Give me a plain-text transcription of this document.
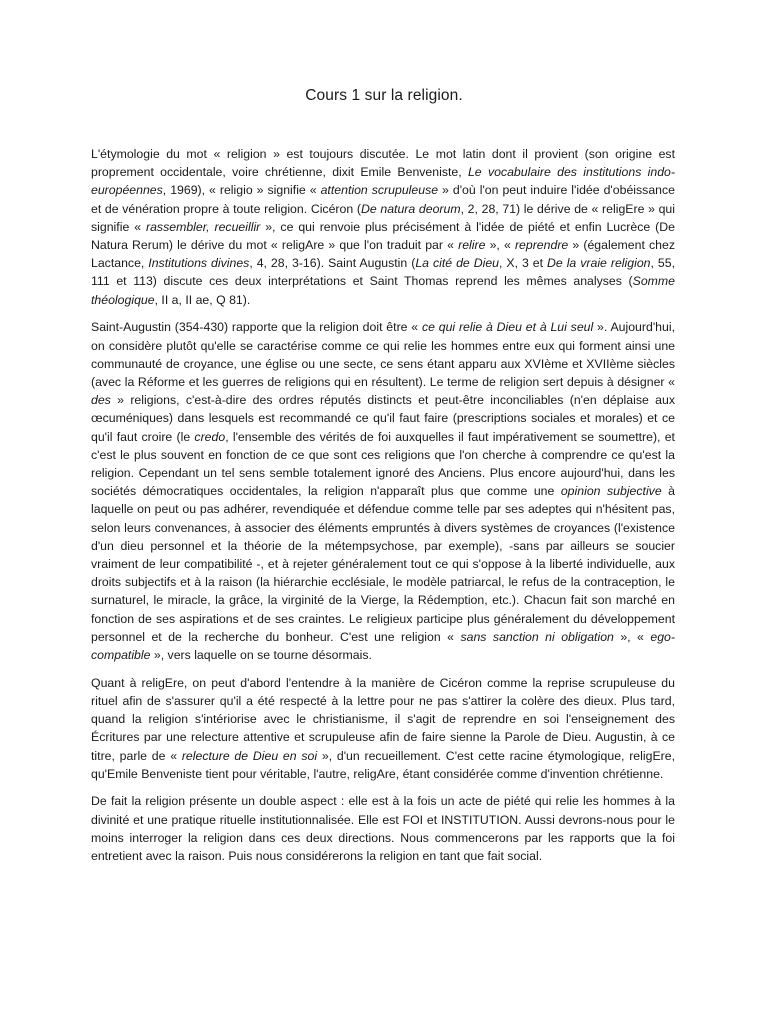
Cours 1 sur la religion.

L'étymologie du mot « religion » est toujours discutée. Le mot latin dont il provient (son origine est proprement occidentale, voire chrétienne, dixit Emile Benveniste, Le vocabulaire des institutions indo-européennes, 1969), « religio » signifie « attention scrupuleuse » d'où l'on peut induire l'idée d'obéissance et de vénération propre à toute religion. Cicéron (De natura deorum, 2, 28, 71) le dérive de « religEre » qui signifie « rassembler, recueillir », ce qui renvoie plus précisément à l'idée de piété et enfin Lucrèce (De Natura Rerum) le dérive du mot « religAre » que l'on traduit par « relire », « reprendre » (également chez Lactance, Institutions divines, 4, 28, 3-16). Saint Augustin (La cité de Dieu, X, 3 et De la vraie religion, 55, 111 et 113) discute ces deux interprétations et Saint Thomas reprend les mêmes analyses (Somme théologique, II a, II ae, Q 81).

Saint-Augustin (354-430) rapporte que la religion doit être « ce qui relie à Dieu et à Lui seul ». Aujourd'hui, on considère plutôt qu'elle se caractérise comme ce qui relie les hommes entre eux qui forment ainsi une communauté de croyance, une église ou une secte, ce sens étant apparu aux XVIème et XVIIème siècles (avec la Réforme et les guerres de religions qui en résultent). Le terme de religion sert depuis à désigner « des » religions, c'est-à-dire des ordres réputés distincts et peut-être inconciliables (n'en déplaise aux œcuméniques) dans lesquels est recommandé ce qu'il faut faire (prescriptions sociales et morales) et ce qu'il faut croire (le credo, l'ensemble des vérités de foi auxquelles il faut impérativement se soumettre), et c'est le plus souvent en fonction de ce que sont ces religions que l'on cherche à comprendre ce qu'est la religion. Cependant un tel sens semble totalement ignoré des Anciens. Plus encore aujourd'hui, dans les sociétés démocratiques occidentales, la religion n'apparaît plus que comme une opinion subjective à laquelle on peut ou pas adhérer, revendiquée et défendue comme telle par ses adeptes qui n'hésitent pas, selon leurs convenances, à associer des éléments empruntés à divers systèmes de croyances (l'existence d'un dieu personnel et la théorie de la métempsychose, par exemple), -sans par ailleurs se soucier vraiment de leur compatibilité -, et à rejeter généralement tout ce qui s'oppose à la liberté individuelle, aux droits subjectifs et à la raison (la hiérarchie ecclésiale, le modèle patriarcal, le refus de la contraception, le surnaturel, le miracle, la grâce, la virginité de la Vierge, la Rédemption, etc.). Chacun fait son marché en fonction de ses aspirations et de ses craintes. Le religieux participe plus généralement du développement personnel et de la recherche du bonheur. C'est une religion « sans sanction ni obligation », « ego-compatible », vers laquelle on se tourne désormais.

Quant à religEre, on peut d'abord l'entendre à la manière de Cicéron comme la reprise scrupuleuse du rituel afin de s'assurer qu'il a été respecté à la lettre pour ne pas s'attirer la colère des dieux. Plus tard, quand la religion s'intériorise avec le christianisme, il s'agit de reprendre en soi l'enseignement des Écritures par une relecture attentive et scrupuleuse afin de faire sienne la Parole de Dieu. Augustin, à ce titre, parle de « relecture de Dieu en soi », d'un recueillement. C'est cette racine étymologique, religEre, qu'Emile Benveniste tient pour véritable, l'autre, religAre, étant considérée comme d'invention chrétienne.

De fait la religion présente un double aspect : elle est à la fois un acte de piété qui relie les hommes à la divinité et une pratique rituelle institutionnalisée. Elle est FOI et INSTITUTION. Aussi devrons-nous pour le moins interroger la religion dans ces deux directions. Nous commencerons par les rapports que la foi entretient avec la raison. Puis nous considérerons la religion en tant que fait social.
